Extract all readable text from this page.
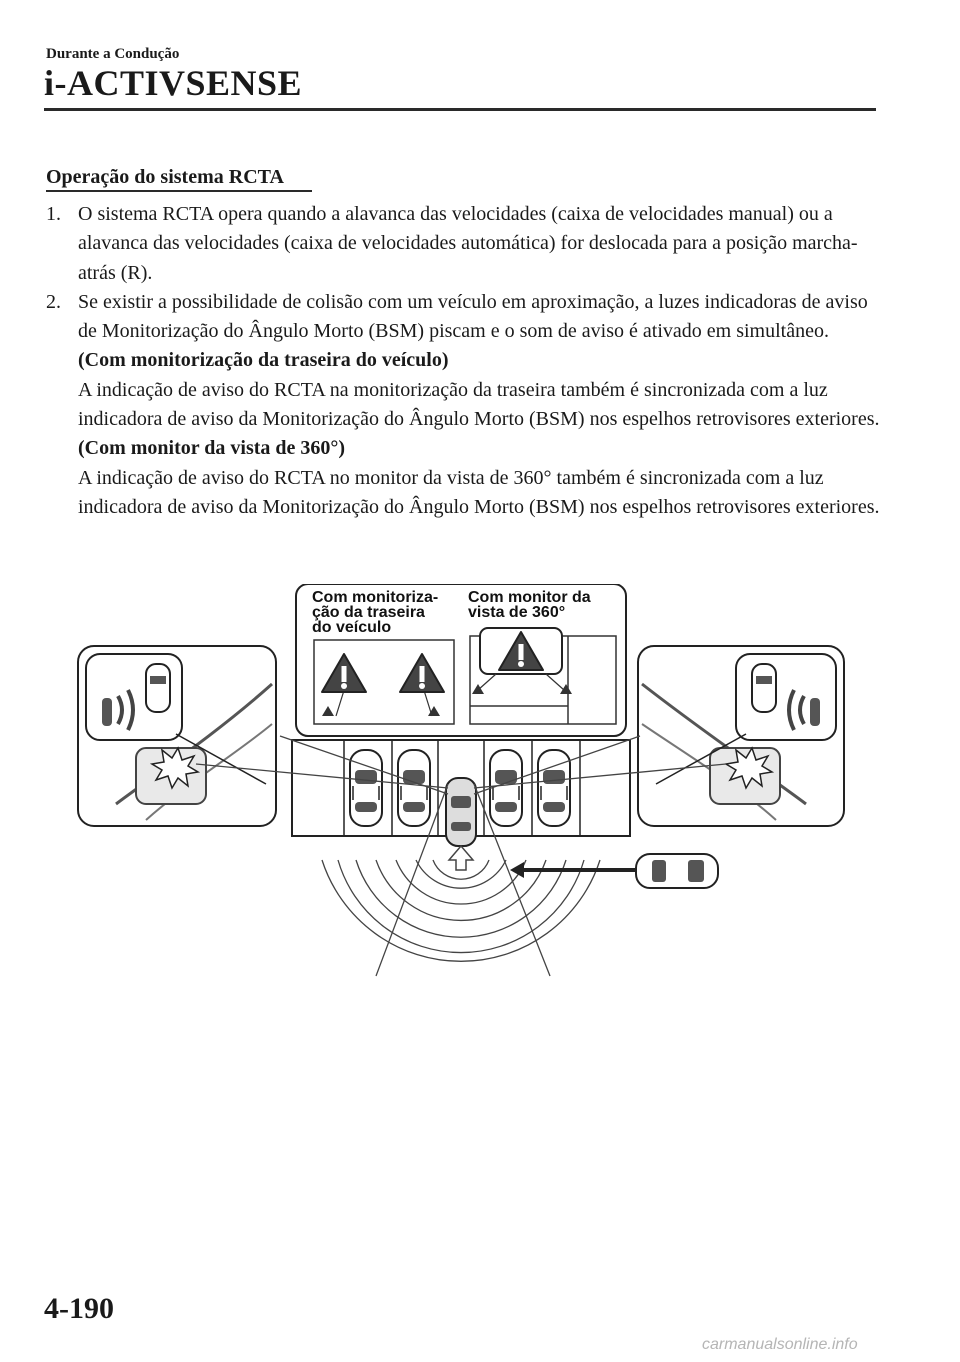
Durante a Condução
i-ACTIVSENSE
Operação do sistema RCTA
1. O sistema RCTA opera quando a alavanca das velocidades (caixa de velocidades manual) ou a alavanca das velocidades (caixa de velocidades automática) for deslocada para a posição marcha-atrás (R).

2. Se existir a possibilidade de colisão com um veículo em aproximação, a luzes indicadoras de aviso de Monitorização do Ângulo Morto (BSM) piscam e o som de aviso é ativado em simultâneo.

(Com monitorização da traseira do veículo)

A indicação de aviso do RCTA na monitorização da traseira também é sincronizada com a luz indicadora de aviso da Monitorização do Ângulo Morto (BSM) nos espelhos retrovisores exteriores.

(Com monitor da vista de 360°)

A indicação de aviso do RCTA no monitor da vista de 360° também é sincronizada com a luz indicadora de aviso da Monitorização do Ângulo Morto (BSM) nos espelhos retrovisores exteriores.

Com monitoriza-
ção da traseira
do veículo
Com monitor da
vista de 360°
4-190
carmanualsonline.info
